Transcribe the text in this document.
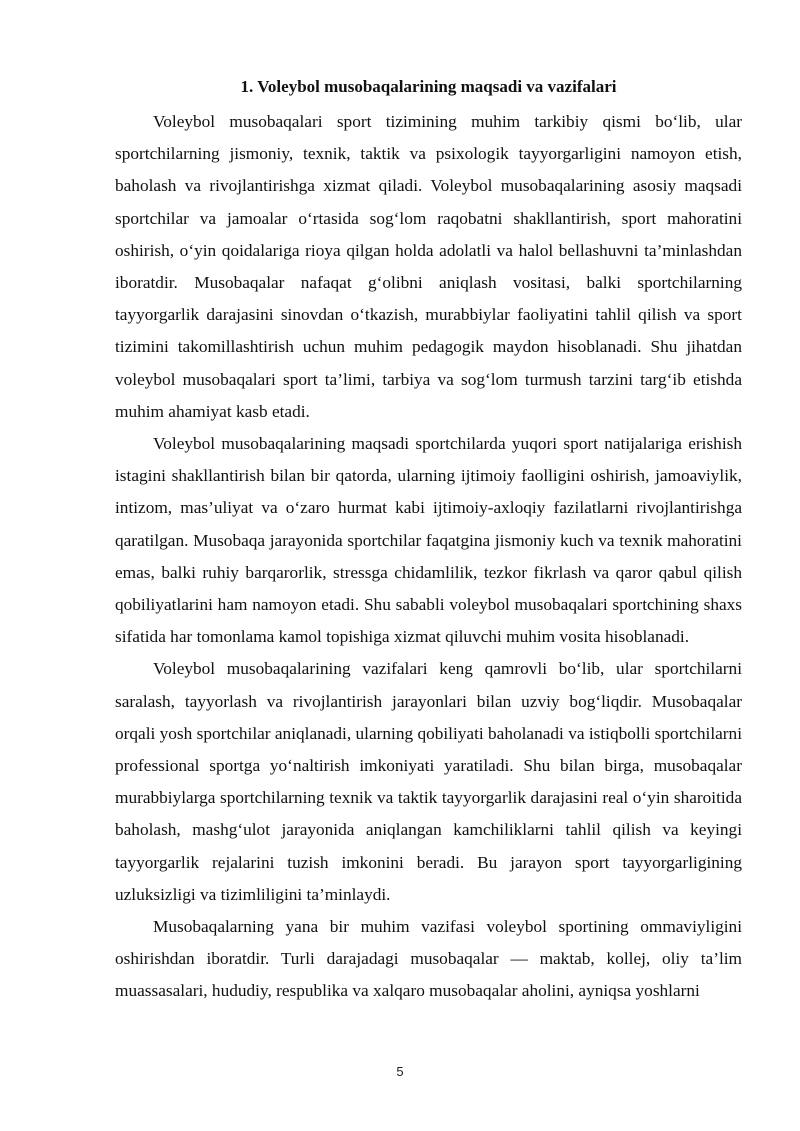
1. Voleybol musobaqalarining maqsadi va vazifalari

Voleybol musobaqalari sport tizimining muhim tarkibiy qismi bo‘lib, ular sportchilarning jismoniy, texnik, taktik va psixologik tayyorgarligini namoyon etish, baholash va rivojlantirishga xizmat qiladi. Voleybol musobaqalarining asosiy maqsadi sportchilar va jamoalar o‘rtasida sog‘lom raqobatni shakllantirish, sport mahoratini oshirish, o‘yin qoidalariga rioya qilgan holda adolatli va halol bellashuvni ta’minlashdan iboratdir. Musobaqalar nafaqat g‘olibni aniqlash vositasi, balki sportchilarning tayyorgarlik darajasini sinovdan o‘tkazish, murabbiylar faoliyatini tahlil qilish va sport tizimini takomillashtirish uchun muhim pedagogik maydon hisoblanadi. Shu jihatdan voleybol musobaqalari sport ta’limi, tarbiya va sog‘lom turmush tarzini targ‘ib etishda muhim ahamiyat kasb etadi.

Voleybol musobaqalarining maqsadi sportchilarda yuqori sport natijalariga erishish istagini shakllantirish bilan bir qatorda, ularning ijtimoiy faolligini oshirish, jamoaviylik, intizom, mas’uliyat va o‘zaro hurmat kabi ijtimoiy-axloqiy fazilatlarni rivojlantirishga qaratilgan. Musobaqa jarayonida sportchilar faqatgina jismoniy kuch va texnik mahoratini emas, balki ruhiy barqarorlik, stressga chidamlilik, tezkor fikrlash va qaror qabul qilish qobiliyatlarini ham namoyon etadi. Shu sababli voleybol musobaqalari sportchining shaxs sifatida har tomonlama kamol topishiga xizmat qiluvchi muhim vosita hisoblanadi.

Voleybol musobaqalarining vazifalari keng qamrovli bo‘lib, ular sportchilarni saralash, tayyorlash va rivojlantirish jarayonlari bilan uzviy bog‘liqdir. Musobaqalar orqali yosh sportchilar aniqlanadi, ularning qobiliyati baholanadi va istiqbolli sportchilarni professional sportga yo‘naltirish imkoniyati yaratiladi. Shu bilan birga, musobaqalar murabbiylarga sportchilarning texnik va taktik tayyorgarlik darajasini real o‘yin sharoitida baholash, mashg‘ulot jarayonida aniqlangan kamchiliklarni tahlil qilish va keyingi tayyorgarlik rejalarini tuzish imkonini beradi. Bu jarayon sport tayyorgarligining uzluksizligi va tizimliligini ta’minlaydi.

Musobaqalarning yana bir muhim vazifasi voleybol sportining ommaviyligini oshirishdan iboratdir. Turli darajadagi musobaqalar — maktab, kollej, oliy ta’lim muassasalari, hududiy, respublika va xalqaro musobaqalar aholini, ayniqsa yoshlarni

5
